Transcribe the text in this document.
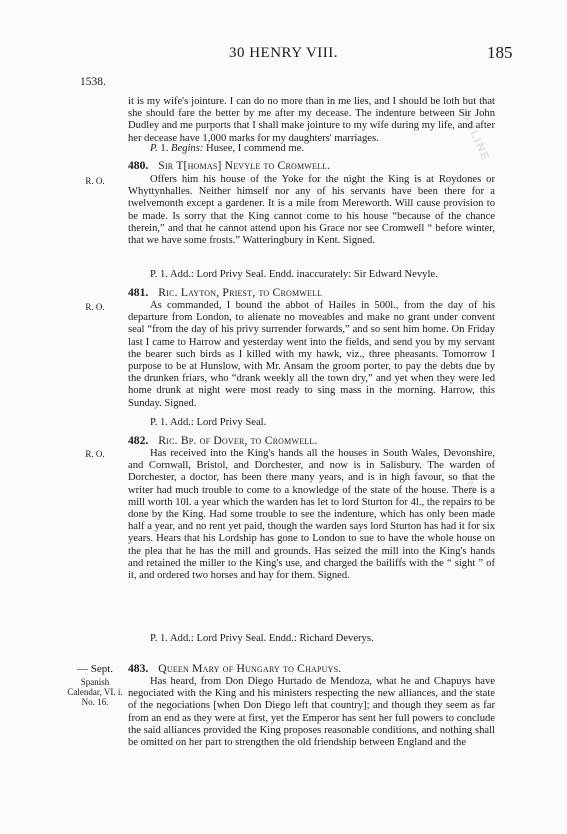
ONLINE
ONLINE
30 HENRY VIII.	185
1538.
it is my wife's jointure. I can do no more than in me lies, and I should be loth but that she should fare the better by me after my decease. The indenture between Sir John Dudley and me purports that I shall make jointure to my wife during my life, and after her decease have 1,000 marks for my daughters' marriages.
P. 1. Begins: Husee, I commend me.
R. O.
480. Sir T[homas] Nevyle to Cromwell.
Offers him his house of the Yoke for the night the King is at Roydones or Whyttynhalles. Neither himself nor any of his servants have been there for a twelvemonth except a gardener. It is a mile from Mereworth. Will cause provision to be made. Is sorry that the King cannot come to his house “because of the chance therein,” and that he cannot attend upon his Grace nor see Cromwell “ before winter, that we have some frosts.” Watteringbury in Kent. Signed.
P. 1. Add.: Lord Privy Seal. Endd. inaccurately: Sir Edward Nevyle.
R. O.
481. Ric. Layton, Priest, to Cromwell
As commanded, I bound the abbot of Hailes in 500l., from the day of his departure from London, to alienate no moveables and make no grant under convent seal “from the day of his privy surrender forwards,” and so sent him home. On Friday last I came to Harrow and yesterday went into the fields, and send you by my servant the bearer such birds as I killed with my hawk, viz., three pheasants. Tomorrow I purpose to be at Hunslow, with Mr. Ansam the groom porter, to pay the debts due by the drunken friars, who “drank weekly all the town dry,” and yet when they were led home drunk at night were most ready to sing mass in the morning. Harrow, this Sunday. Signed.
P. 1. Add.: Lord Privy Seal.
R. O.
482. Ric. Bp. of Dover, to Cromwell.
Has received into the King's hands all the houses in South Wales, Devonshire, and Cornwall, Bristol, and Dorchester, and now is in Salisbury. The warden of Dorchester, a doctor, has been there many years, and is in high favour, so that the writer had much trouble to come to a knowledge of the state of the house. There is a mill worth 10l. a year which the warden has let to lord Sturton for 4l., the repairs to be done by the King. Had some trouble to see the indenture, which has only been made half a year, and no rent yet paid, though the warden says lord Sturton has had it for six years. Hears that his Lordship has gone to London to sue to have the whole house on the plea that he has the mill and grounds. Has seized the mill into the King's hands and retained the miller to the King's use, and charged the bailiffs with the “ sight ” of it, and ordered two horses and hay for them. Signed.
P. 1. Add.: Lord Privy Seal. Endd.: Richard Deverys.
— Sept.
Spanish Calendar, VI. i. No. 16.
483. Queen Mary of Hungary to Chapuys.
Has heard, from Don Diego Hurtado de Mendoza, what he and Chapuys have negociated with the King and his ministers respecting the new alliances, and the state of the negociations [when Don Diego left that country]; and though they seem as far from an end as they were at first, yet the Emperor has sent her full powers to conclude the said alliances provided the King proposes reasonable conditions, and nothing shall be omitted on her part to strengthen the old friendship between England and the
